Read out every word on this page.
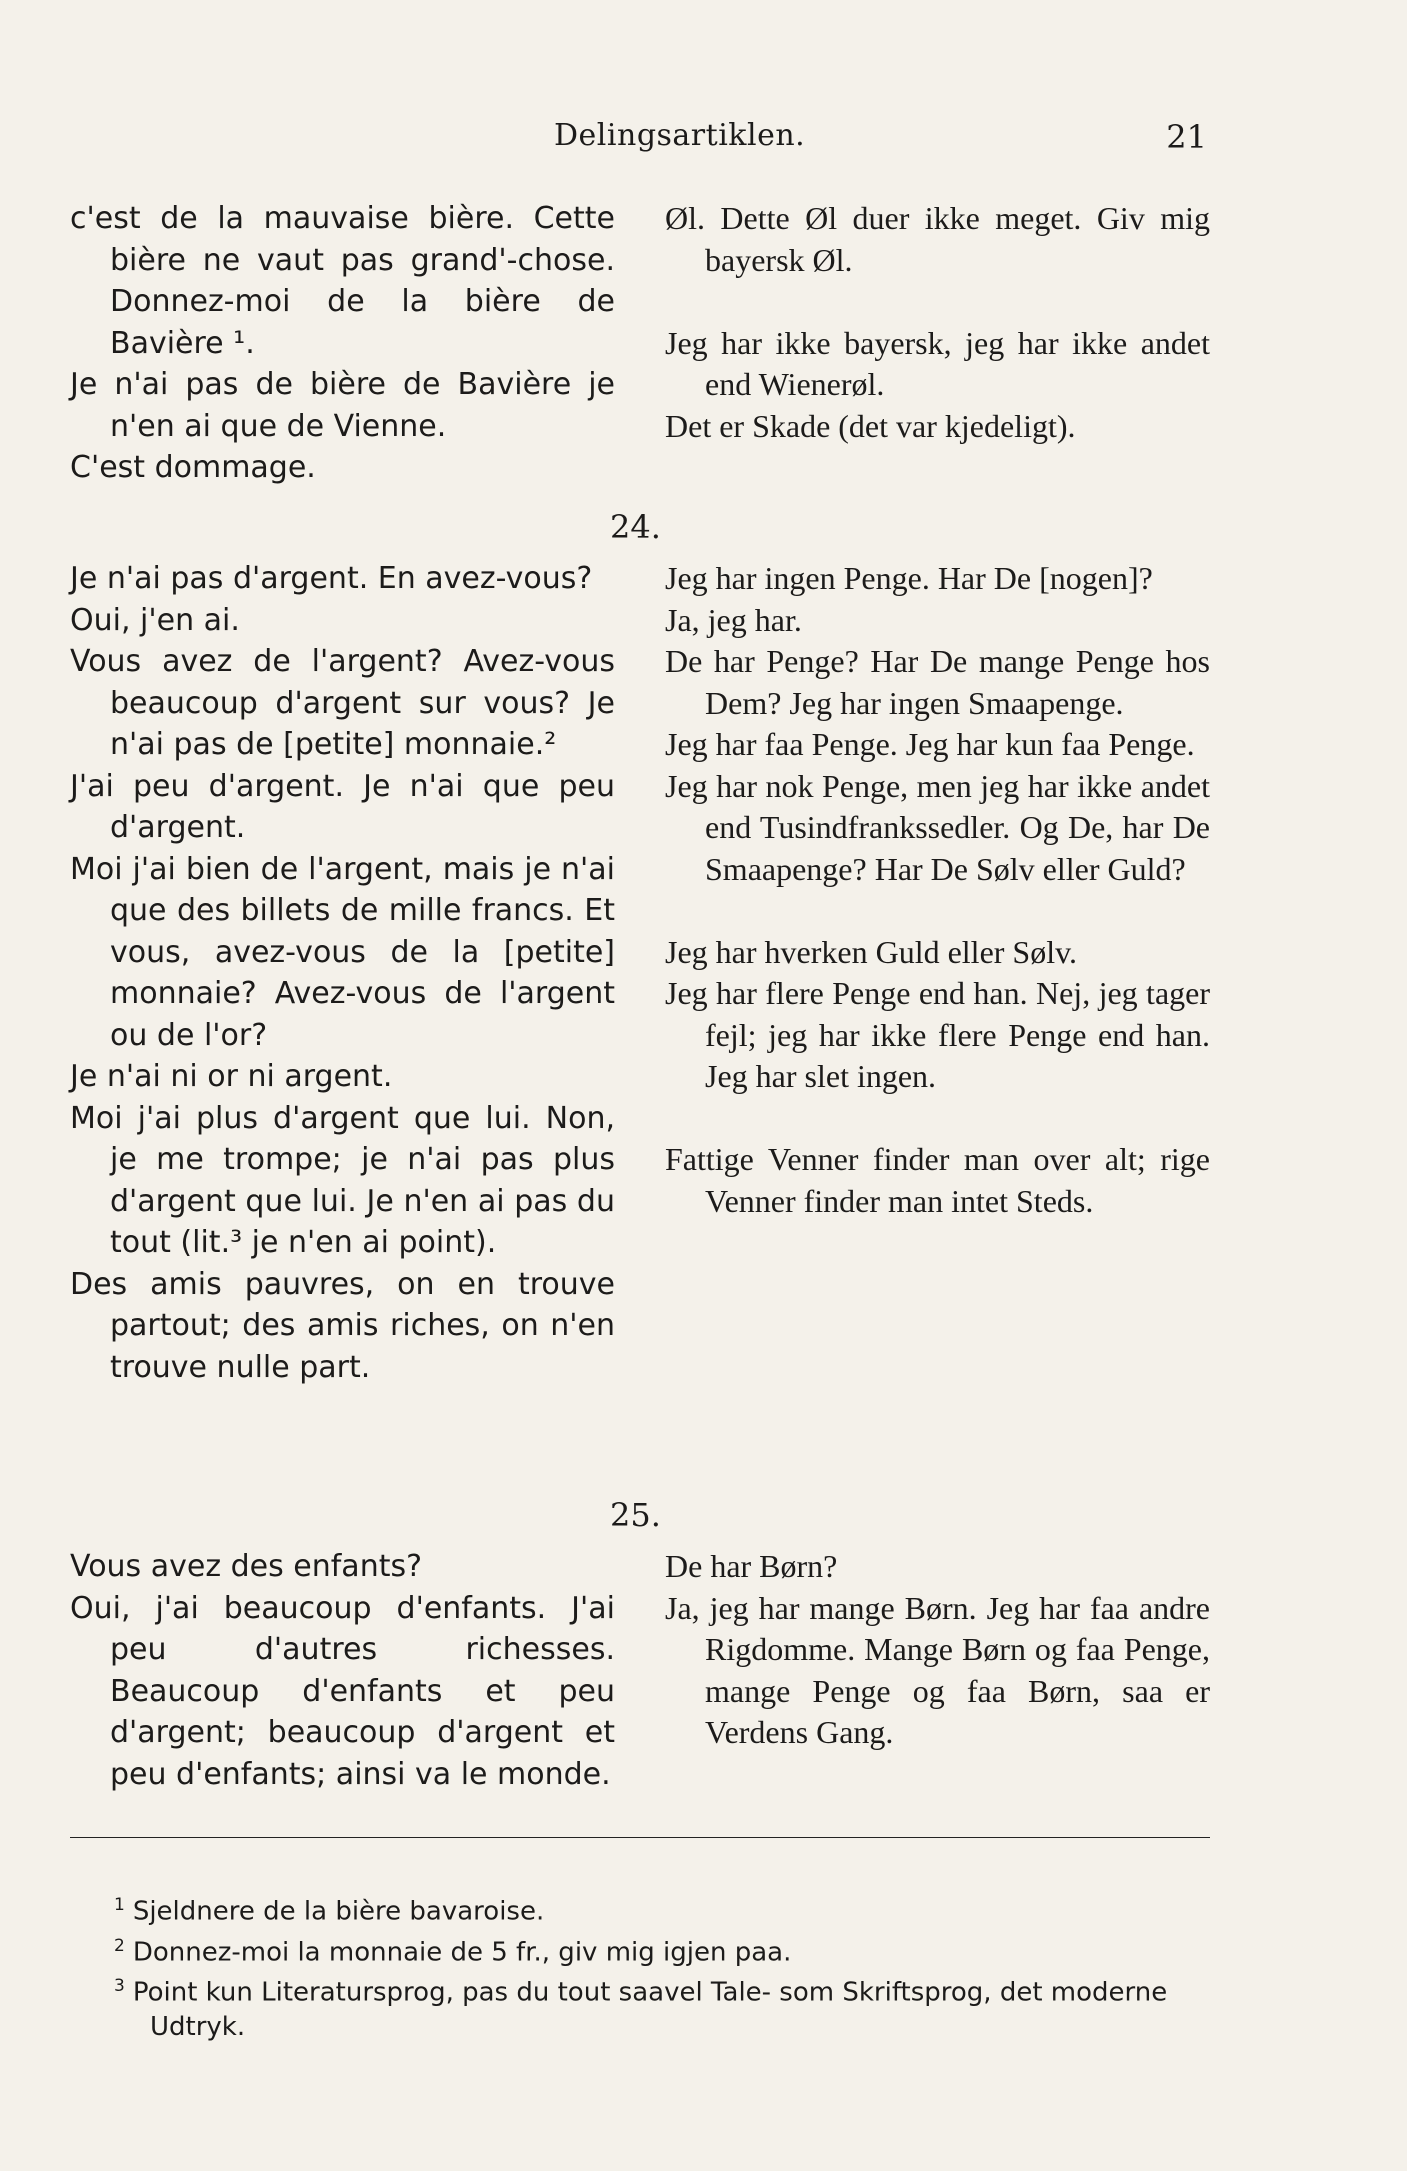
Delingsartiklen.	21
c'est de la mauvaise bière. Cette bière ne vaut pas grand'-chose. Donnez-moi de la bière de Bavière ¹.
Je n'ai pas de bière de Bavière je n'en ai que de Vienne.
C'est dommage.
Øl. Dette Øl duer ikke meget. Giv mig bayersk Øl.
Jeg har ikke bayersk, jeg har ikke andet end Wienerøl.
Det er Skade (det var kjedeligt).
24.
Je n'ai pas d'argent. En avez-vous?
Oui, j'en ai.
Vous avez de l'argent? Avez-vous beaucoup d'argent sur vous? Je n'ai pas de [petite] monnaie.²
J'ai peu d'argent. Je n'ai que peu d'argent.
Moi j'ai bien de l'argent, mais je n'ai que des billets de mille francs. Et vous, avez-vous de la [petite] monnaie? Avez-vous de l'argent ou de l'or?
Je n'ai ni or ni argent.
Moi j'ai plus d'argent que lui. Non, je me trompe; je n'ai pas plus d'argent que lui. Je n'en ai pas du tout (lit.³ je n'en ai point).
Des amis pauvres, on en trouve partout; des amis riches, on n'en trouve nulle part.
Jeg har ingen Penge. Har De [nogen]?
Ja, jeg har.
De har Penge? Har De mange Penge hos Dem? Jeg har ingen Smaapenge.
Jeg har faa Penge. Jeg har kun faa Penge.
Jeg har nok Penge, men jeg har ikke andet end Tusindfrankssedler. Og De, har De Smaapenge? Har De Sølv eller Guld?
Jeg har hverken Guld eller Sølv.
Jeg har flere Penge end han. Nej, jeg tager fejl; jeg har ikke flere Penge end han. Jeg har slet ingen.
Fattige Venner finder man over alt; rige Venner finder man intet Steds.
25.
Vous avez des enfants?
Oui, j'ai beaucoup d'enfants. J'ai peu d'autres richesses. Beaucoup d'enfants et peu d'argent; beaucoup d'argent et peu d'enfants; ainsi va le monde.
De har Børn?
Ja, jeg har mange Børn. Jeg har faa andre Rigdomme. Mange Børn og faa Penge, mange Penge og faa Børn, saa er Verdens Gang.
$^1$ Sjeldnere de la bière bavaroise.
$^2$ Donnez-moi la monnaie de 5 fr., giv mig igjen paa.
$^3$ Point kun Literatursprog, pas du tout saavel Tale- som Skriftsprog, det moderne Udtryk.
